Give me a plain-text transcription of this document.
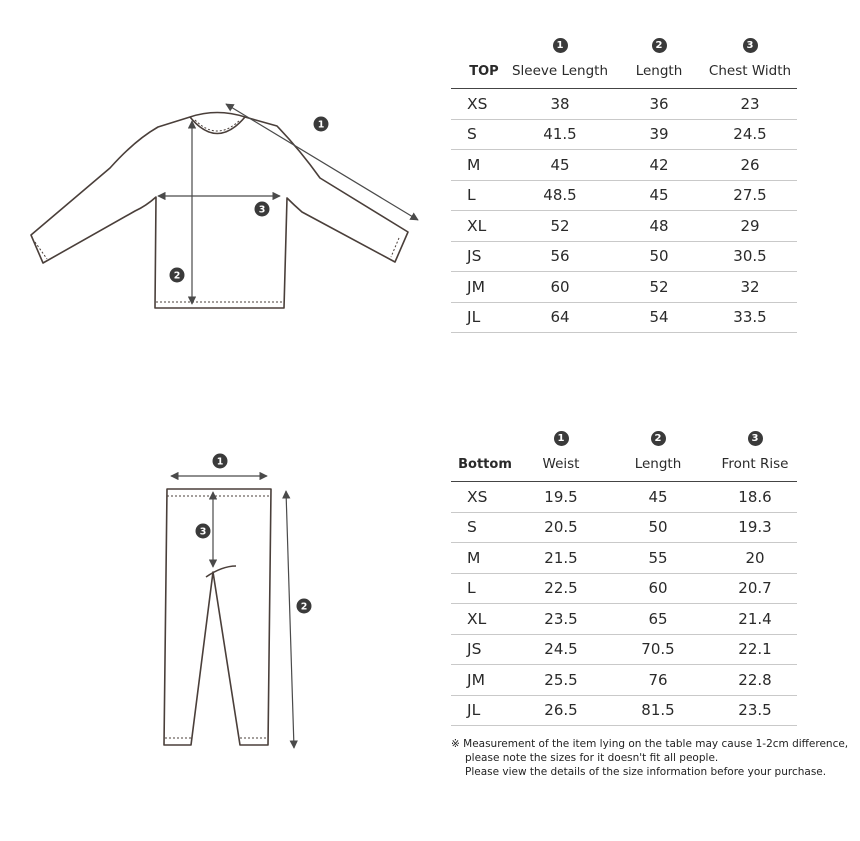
1
2
3
1
2
3
	1	2	3
TOP	Sleeve Length	Length	Chest Width
XS	38	36	23
S	41.5	39	24.5
M	45	42	26
L	48.5	45	27.5
XL	52	48	29
JS	56	50	30.5
JM	60	52	32
JL	64	54	33.5
	1	2	3
Bottom	Weist	Length	Front Rise
XS	19.5	45	18.6
S	20.5	50	19.3
M	21.5	55	20
L	22.5	60	20.7
XL	23.5	65	21.4
JS	24.5	70.5	22.1
JM	25.5	76	22.8
JL	26.5	81.5	23.5
※ Measurement of the item lying on the table may cause 1-2cm difference,
please note the sizes for it doesn't fit all people.
Please view the details of the size information before your purchase.
